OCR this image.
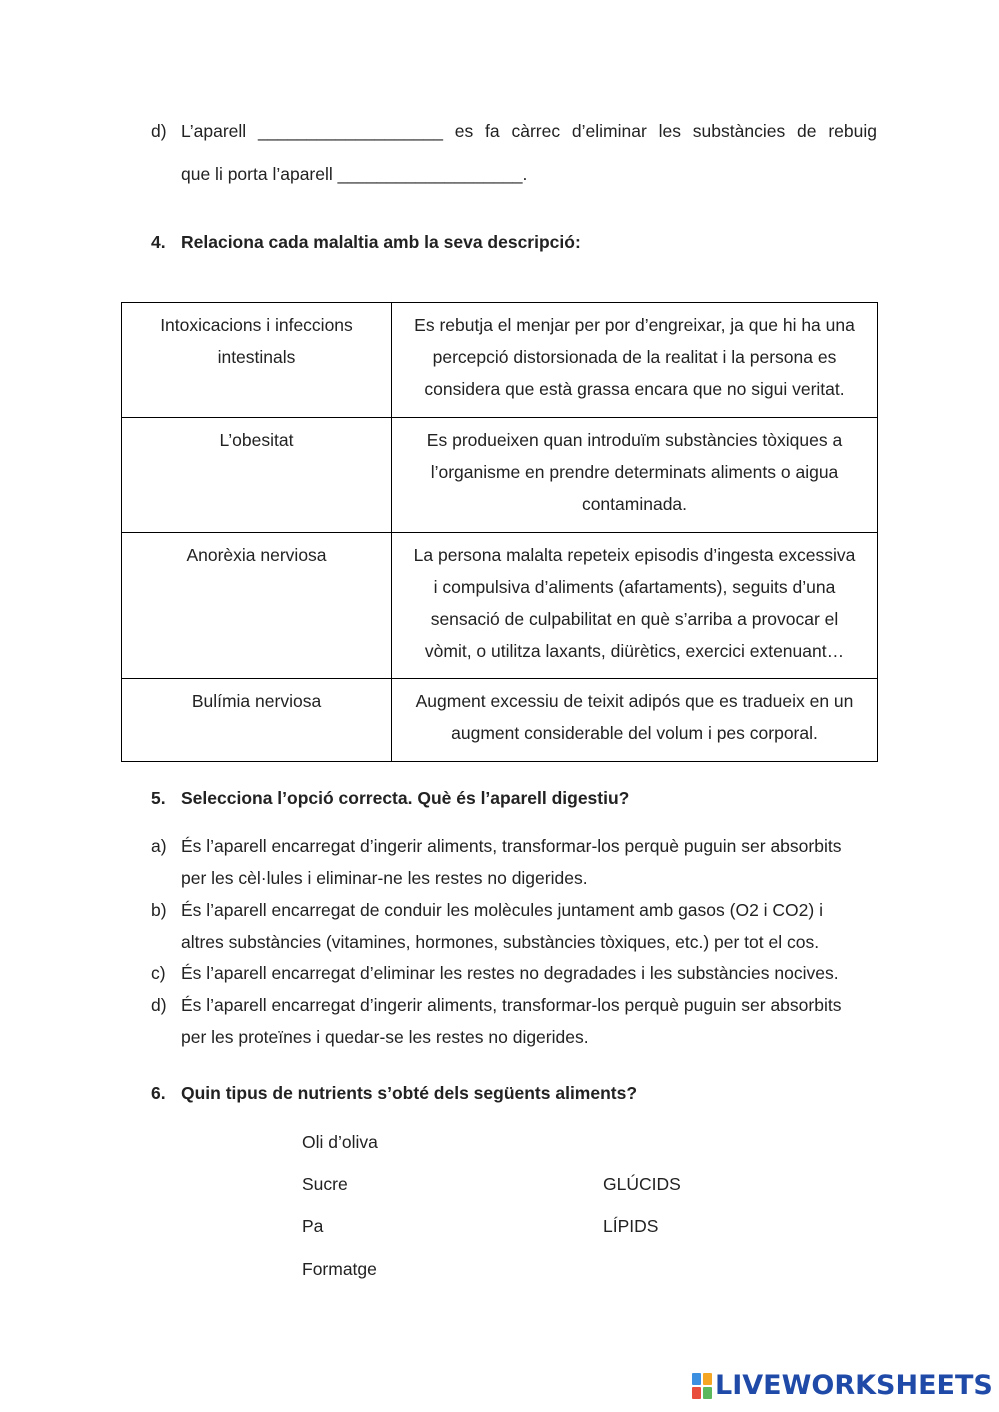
d) L’aparell ___________________ es fa càrrec d’eliminar les substàncies de rebuig
que li porta l’aparell ___________________.
4. Relaciona cada malaltia amb la seva descripció:
Intoxicacions i infeccions
intestinals	Es rebutja el menjar per por d’engreixar, ja que hi ha una
percepció distorsionada de la realitat i la persona es
considera que està grassa encara que no sigui veritat.
L’obesitat	Es produeixen quan introduïm substàncies tòxiques a
l’organisme en prendre determinats aliments o aigua
contaminada.
Anorèxia nerviosa	La persona malalta repeteix episodis d’ingesta excessiva
i compulsiva d’aliments (afartaments), seguits d’una
sensació de culpabilitat en què s’arriba a provocar el
vòmit, o utilitza laxants, diürètics, exercici extenuant…
Bulímia nerviosa	Augment excessiu de teixit adipós que es tradueix en un
augment considerable del volum i pes corporal.
5. Selecciona l’opció correcta. Què és l’aparell digestiu?
a) És l’aparell encarregat d’ingerir aliments, transformar-los perquè puguin ser absorbits
per les cèl·lules i eliminar-ne les restes no digerides.
b) És l’aparell encarregat de conduir les molècules juntament amb gasos (O2 i CO2) i
altres substàncies (vitamines, hormones, substàncies tòxiques, etc.) per tot el cos.
c) És l’aparell encarregat d’eliminar les restes no degradades i les substàncies nocives.
d) És l’aparell encarregat d’ingerir aliments, transformar-los perquè puguin ser absorbits
per les proteïnes i quedar-se les restes no digerides.
6. Quin tipus de nutrients s’obté dels següents aliments?
Oli d’oliva
Sucre
Pa
Formatge
GLÚCIDS
LÍPIDS
LIVEWORKSHEETS
